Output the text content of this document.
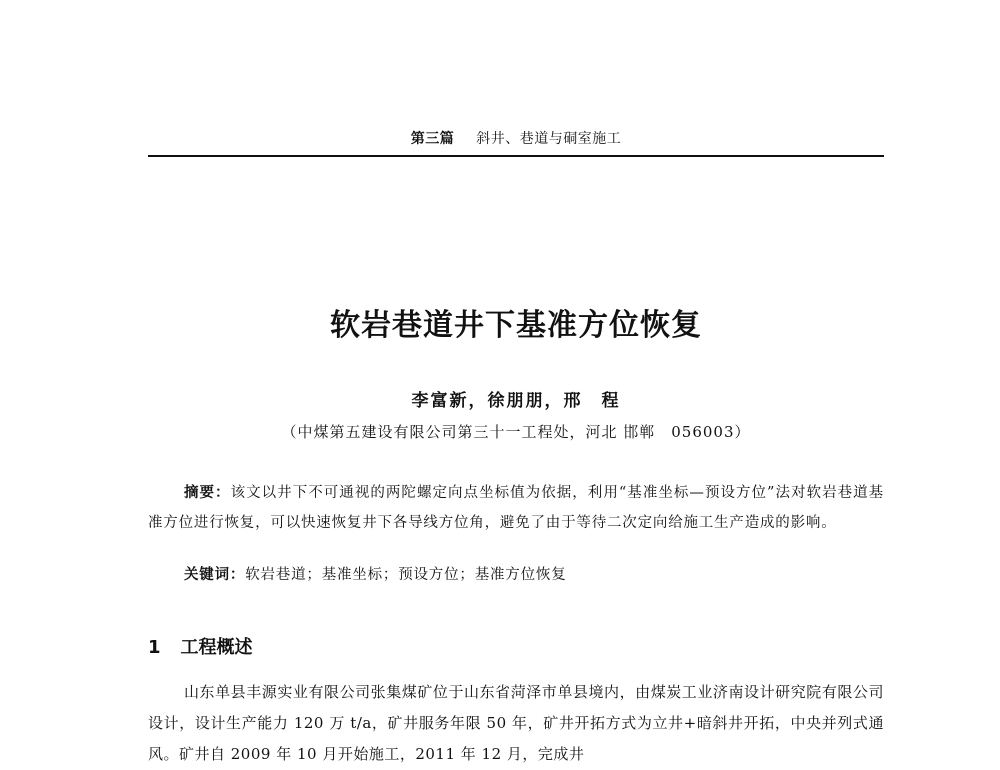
第三篇 斜井、巷道与硐室施工
软岩巷道井下基准方位恢复
李富新，徐朋朋，邢　程
（中煤第五建设有限公司第三十一工程处，河北 邯郸　056003）

摘要：该文以井下不可通视的两陀螺定向点坐标值为依据，利用“基准坐标—预设方位”法对软岩巷道基准方位进行恢复，可以快速恢复井下各导线方位角，避免了由于等待二次定向给施工生产造成的影响。

关键词：软岩巷道；基准坐标；预设方位；基准方位恢复

1 工程概述

山东单县丰源实业有限公司张集煤矿位于山东省菏泽市单县境内，由煤炭工业济南设计研究院有限公司设计，设计生产能力 120 万 t/a，矿井服务年限 50 年，矿井开拓方式为立井+暗斜井开拓，中央并列式通风。矿井自 2009 年 10 月开始施工，2011 年 12 月，完成井
